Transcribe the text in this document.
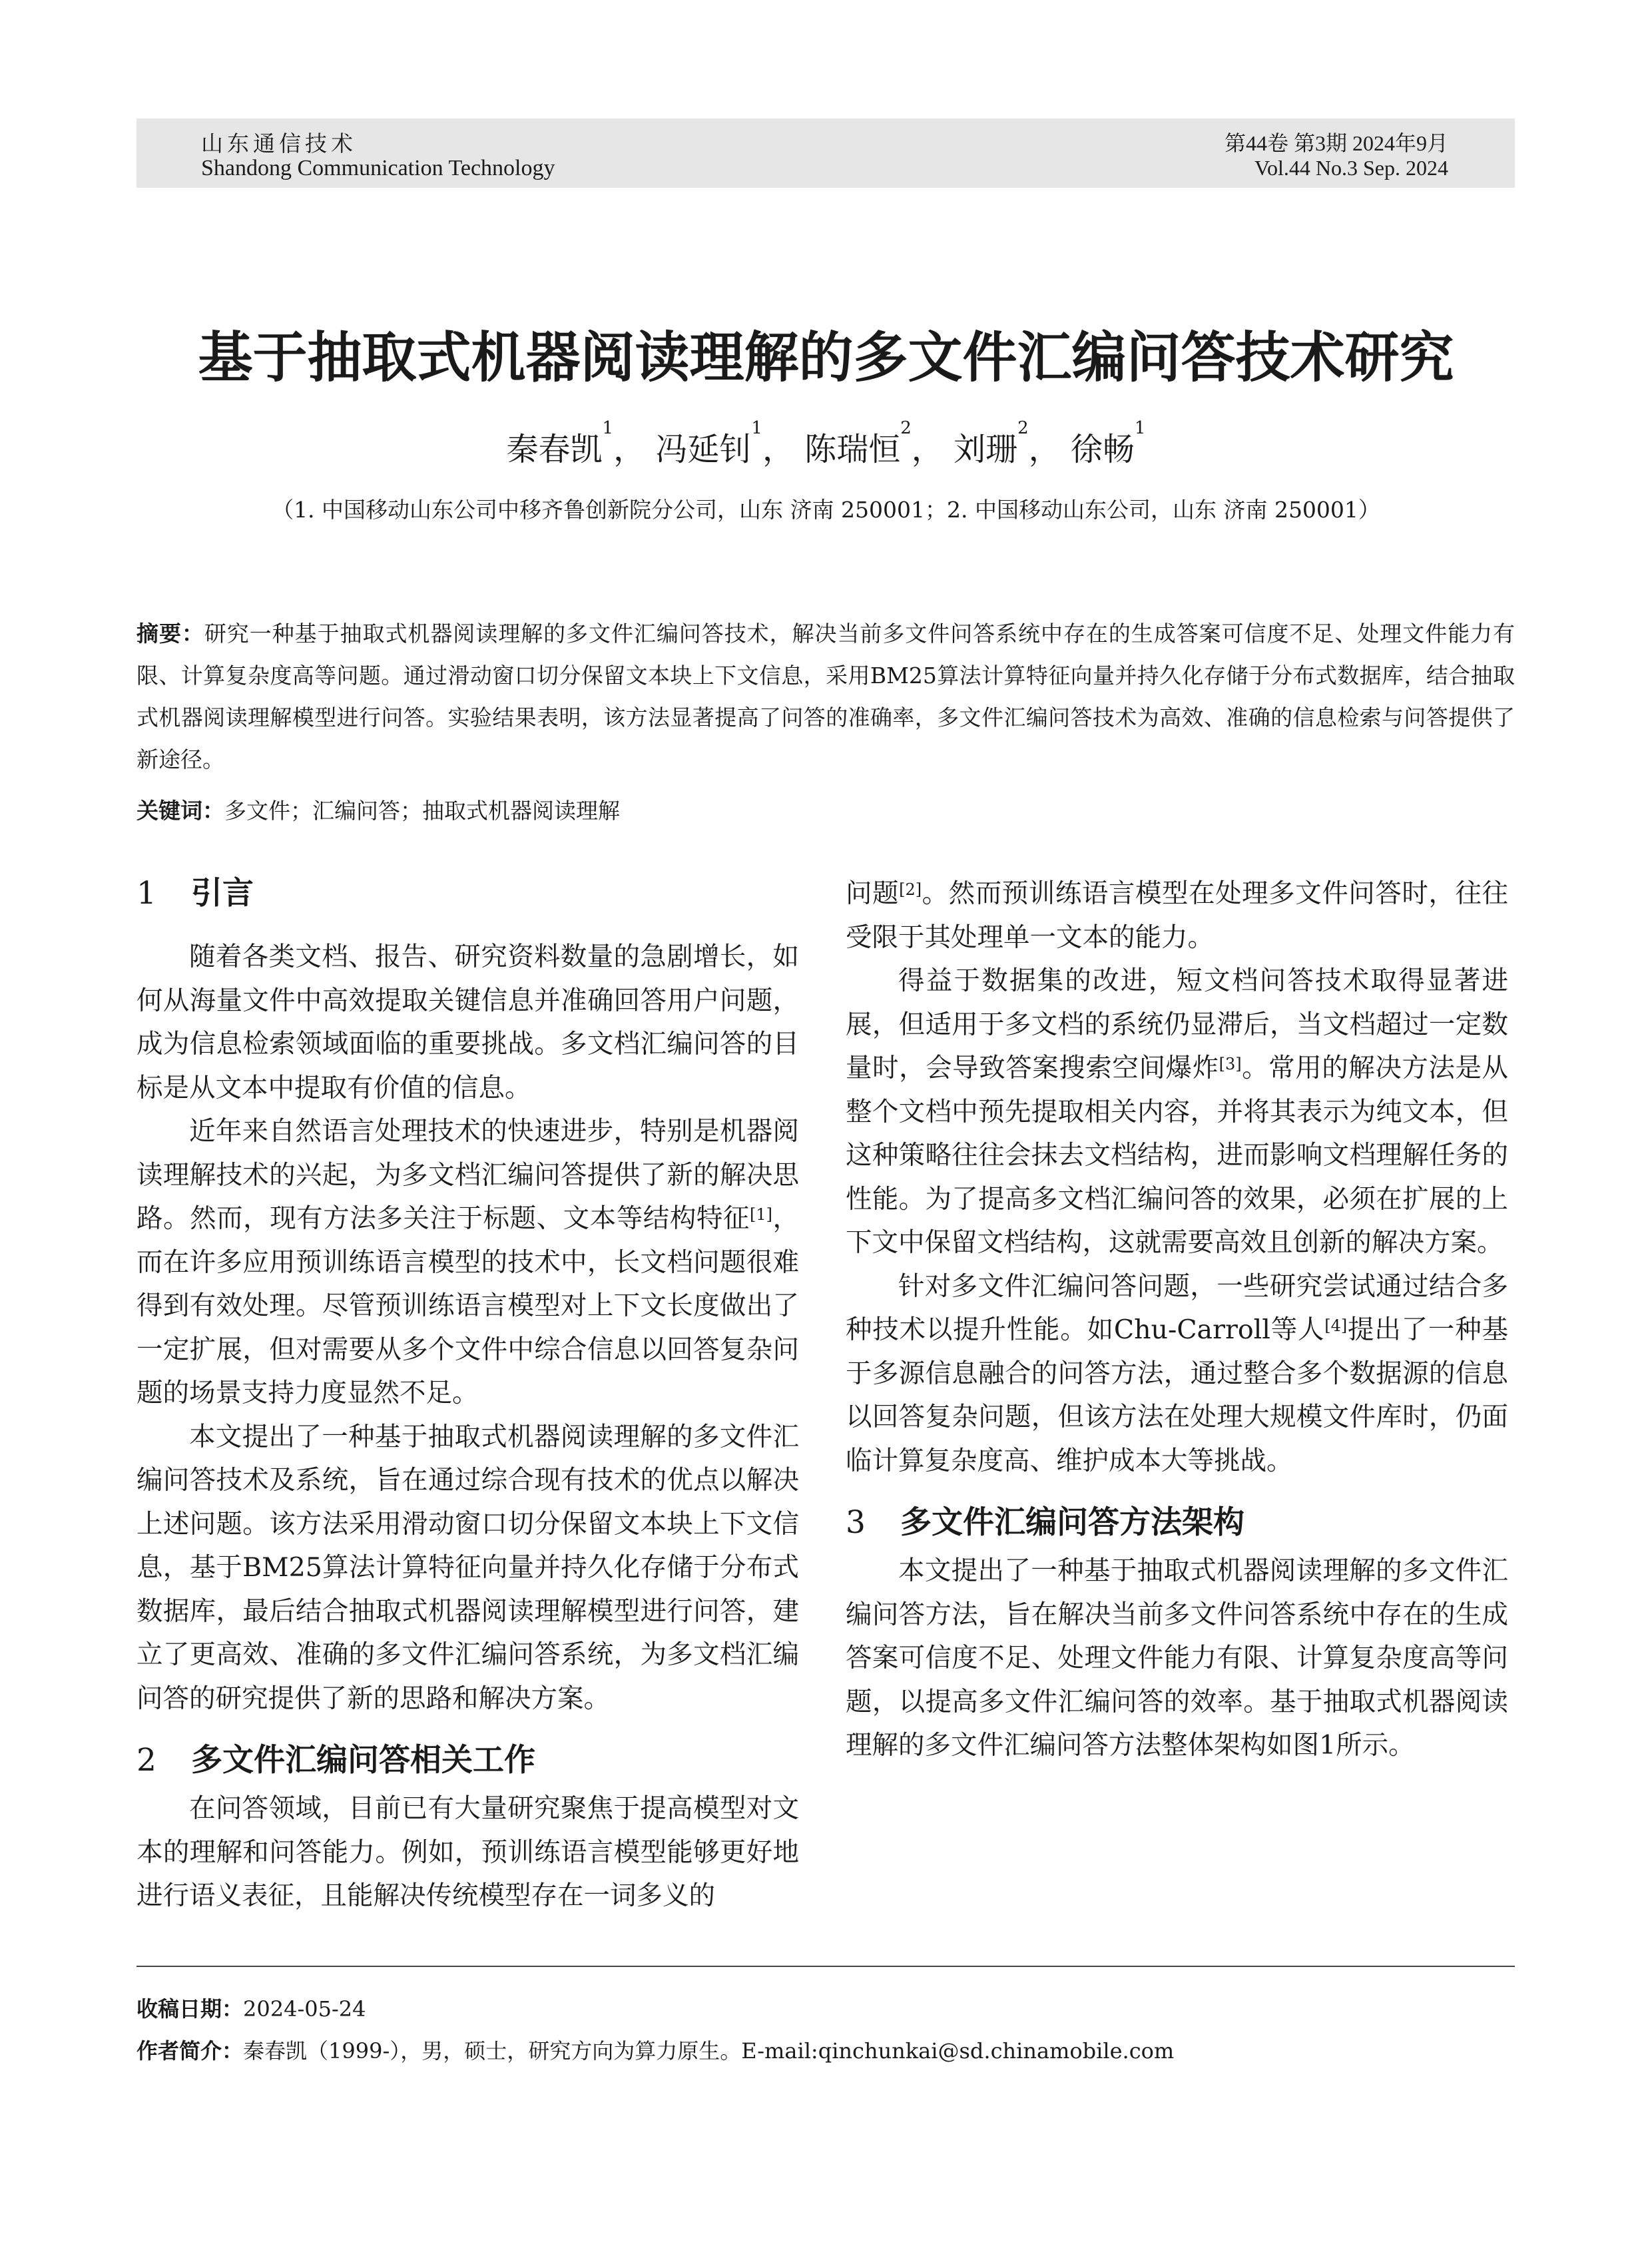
山东通信技术
Shandong Communication Technology
第44卷 第3期 2024年9月
Vol.44 No.3 Sep. 2024
基于抽取式机器阅读理解的多文件汇编问答技术研究
秦春凯$^1$， 冯延钊$^1$， 陈瑞恒$^2$， 刘珊$^2$， 徐畅$^1$
（1. 中国移动山东公司中移齐鲁创新院分公司，山东 济南 250001；2. 中国移动山东公司，山东 济南 250001）
摘要：研究一种基于抽取式机器阅读理解的多文件汇编问答技术，解决当前多文件问答系统中存在的生成答案可信度不足、处理文件能力有限、计算复杂度高等问题。通过滑动窗口切分保留文本块上下文信息，采用BM25算法计算特征向量并持久化存储于分布式数据库，结合抽取式机器阅读理解模型进行问答。实验结果表明，该方法显著提高了问答的准确率，多文件汇编问答技术为高效、准确的信息检索与问答提供了新途径。
关键词：多文件；汇编问答；抽取式机器阅读理解
1 引言

随着各类文档、报告、研究资料数量的急剧增长，如何从海量文件中高效提取关键信息并准确回答用户问题，成为信息检索领域面临的重要挑战。多文档汇编问答的目标是从文本中提取有价值的信息。

近年来自然语言处理技术的快速进步，特别是机器阅读理解技术的兴起，为多文档汇编问答提供了新的解决思路。然而，现有方法多关注于标题、文本等结构特征[1]，而在许多应用预训练语言模型的技术中，长文档问题很难得到有效处理。尽管预训练语言模型对上下文长度做出了一定扩展，但对需要从多个文件中综合信息以回答复杂问题的场景支持力度显然不足。

本文提出了一种基于抽取式机器阅读理解的多文件汇编问答技术及系统，旨在通过综合现有技术的优点以解决上述问题。该方法采用滑动窗口切分保留文本块上下文信息，基于BM25算法计算特征向量并持久化存储于分布式数据库，最后结合抽取式机器阅读理解模型进行问答，建立了更高效、准确的多文件汇编问答系统，为多文档汇编问答的研究提供了新的思路和解决方案。

2 多文件汇编问答相关工作

在问答领域，目前已有大量研究聚焦于提高模型对文本的理解和问答能力。例如，预训练语言模型能够更好地进行语义表征，且能解决传统模型存在一词多义的

问题[2]。然而预训练语言模型在处理多文件问答时，往往受限于其处理单一文本的能力。

得益于数据集的改进，短文档问答技术取得显著进展，但适用于多文档的系统仍显滞后，当文档超过一定数量时，会导致答案搜索空间爆炸[3]。常用的解决方法是从整个文档中预先提取相关内容，并将其表示为纯文本，但这种策略往往会抹去文档结构，进而影响文档理解任务的性能。为了提高多文档汇编问答的效果，必须在扩展的上下文中保留文档结构，这就需要高效且创新的解决方案。

针对多文件汇编问答问题，一些研究尝试通过结合多种技术以提升性能。如Chu-Carroll等人[4]提出了一种基于多源信息融合的问答方法，通过整合多个数据源的信息以回答复杂问题，但该方法在处理大规模文件库时，仍面临计算复杂度高、维护成本大等挑战。

3 多文件汇编问答方法架构

本文提出了一种基于抽取式机器阅读理解的多文件汇编问答方法，旨在解决当前多文件问答系统中存在的生成答案可信度不足、处理文件能力有限、计算复杂度高等问题，以提高多文件汇编问答的效率。基于抽取式机器阅读理解的多文件汇编问答方法整体架构如图1所示。

收稿日期：2024-05-24
作者简介：秦春凯（1999-），男，硕士，研究方向为算力原生。E-mail:qinchunkai@sd.chinamobile.com
